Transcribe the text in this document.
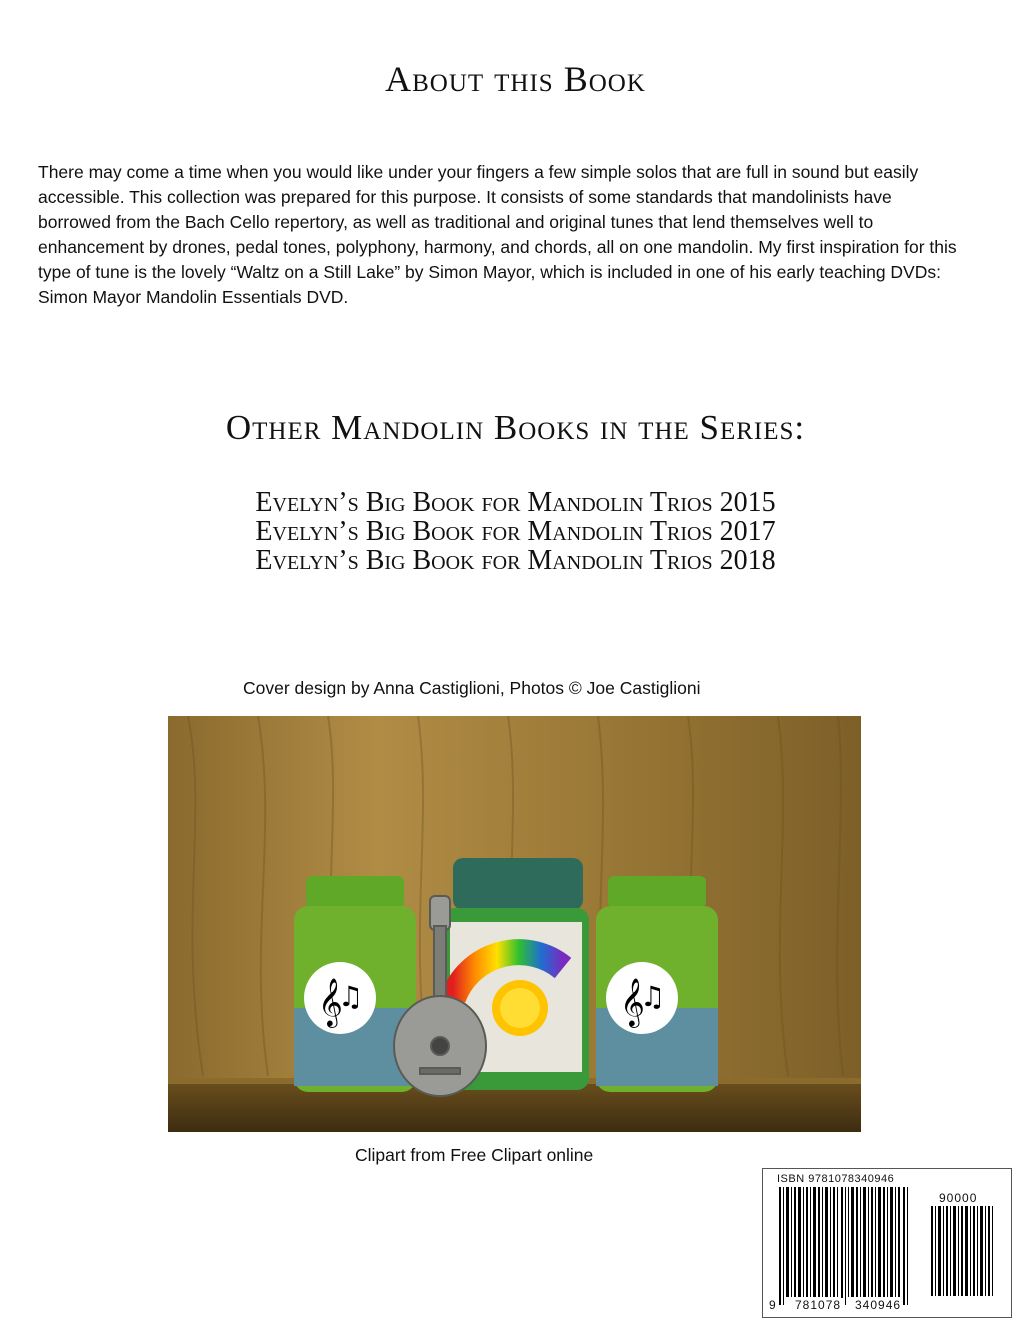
About this Book

There may come a time when you would like under your fingers a few simple solos that are full in sound but easily accessible. This collection was prepared for this purpose. It consists of some standards that mandolinists have borrowed from the Bach Cello repertory, as well as traditional and original tunes that lend themselves well to enhancement by drones, pedal tones, polyphony, harmony, and chords, all on one mandolin. My first inspiration for this type of tune is the lovely “Waltz on a Still Lake” by Simon Mayor, which is included in one of his early teaching DVDs: Simon Mayor Mandolin Essentials DVD.

Other Mandolin Books in the Series:
Evelyn’s Big Book for Mandolin Trios 2015
Evelyn’s Big Book for Mandolin Trios 2017
Evelyn’s Big Book for Mandolin Trios 2018
Cover design by Anna Castiglioni, Photos © Joe Castiglioni
𝄞
♫	𝄞
♫
Clipart from Free Clipart online
ISBN 9781078340946
90000
9 781078 340946
